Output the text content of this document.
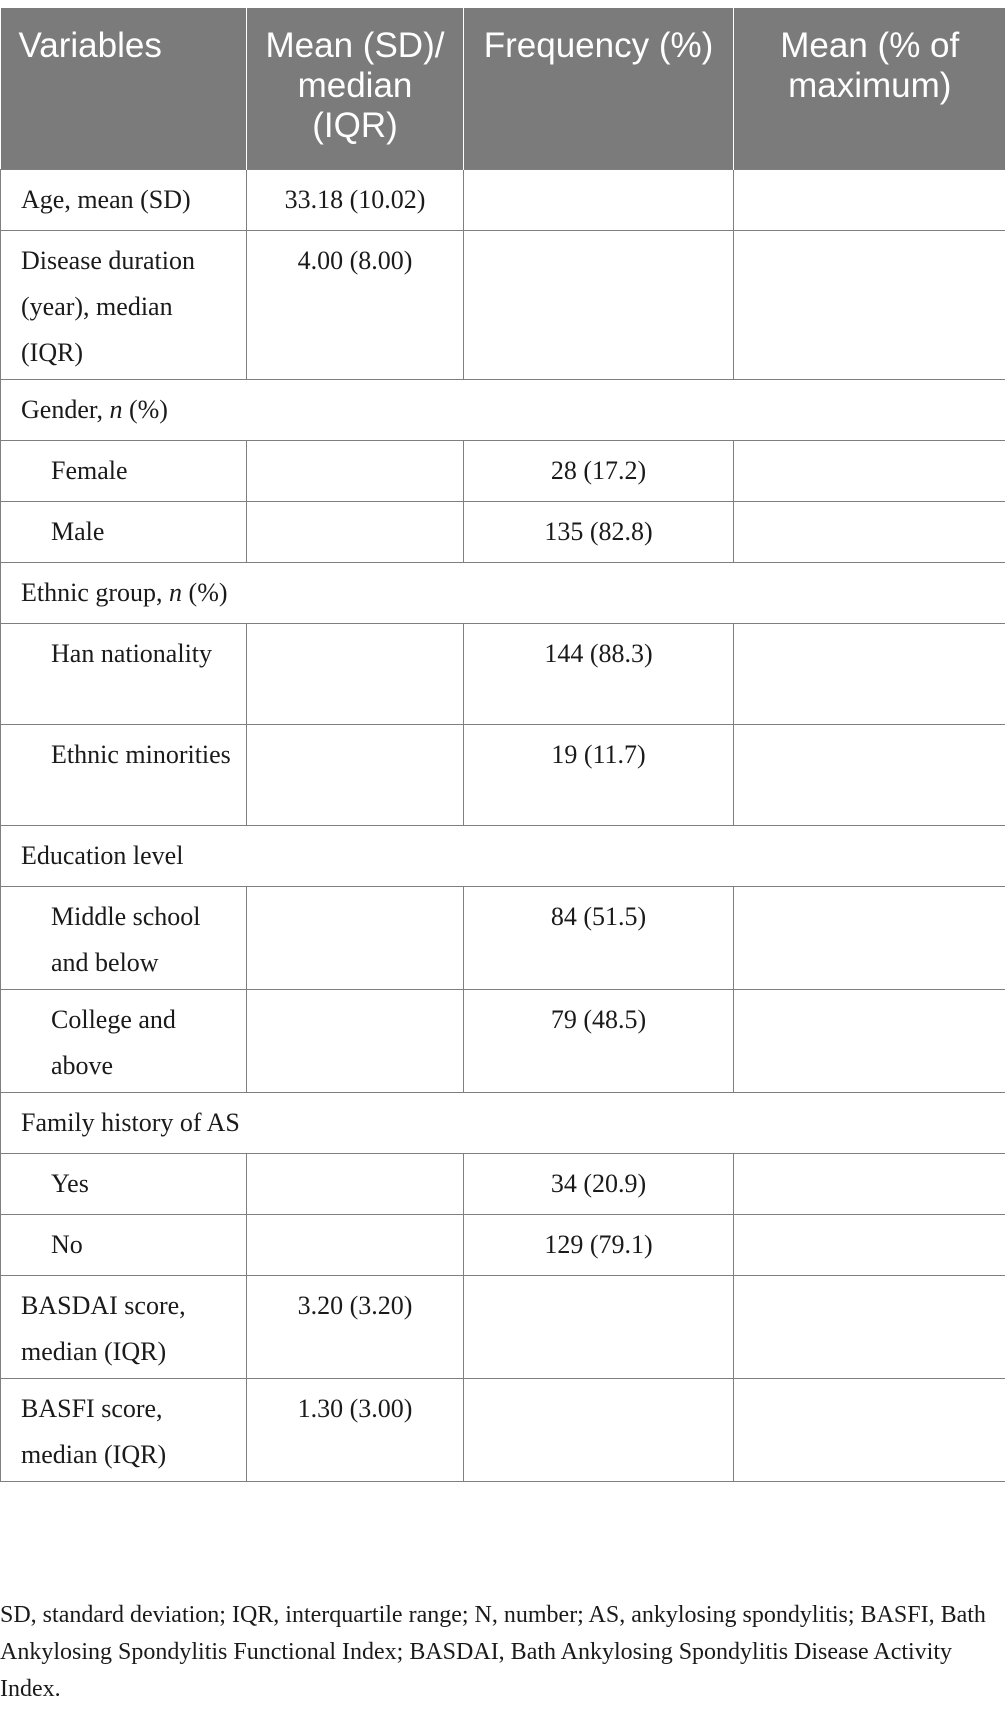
Variables	Mean (SD)/ median (IQR)	Frequency (%)	Mean (% of maximum)
Age, mean (SD)	33.18 (10.02)		
Disease duration (year), median (IQR)	4.00 (8.00)		
Gender, n (%)			
Female		28 (17.2)	
Male		135 (82.8)	
Ethnic group, n (%)			
Han nationality		144 (88.3)	
Ethnic minorities		19 (11.7)	
Education level			
Middle school and below		84 (51.5)	
College and above		79 (48.5)	
Family history of AS			
Yes		34 (20.9)	
No		129 (79.1)	
BASDAI score, median (IQR)	3.20 (3.20)		
BASFI score, median (IQR)	1.30 (3.00)		

SD, standard deviation; IQR, interquartile range; N, number; AS, ankylosing spondylitis; BASFI, Bath Ankylosing Spondylitis Functional Index; BASDAI, Bath Ankylosing Spondylitis Disease Activity Index.
